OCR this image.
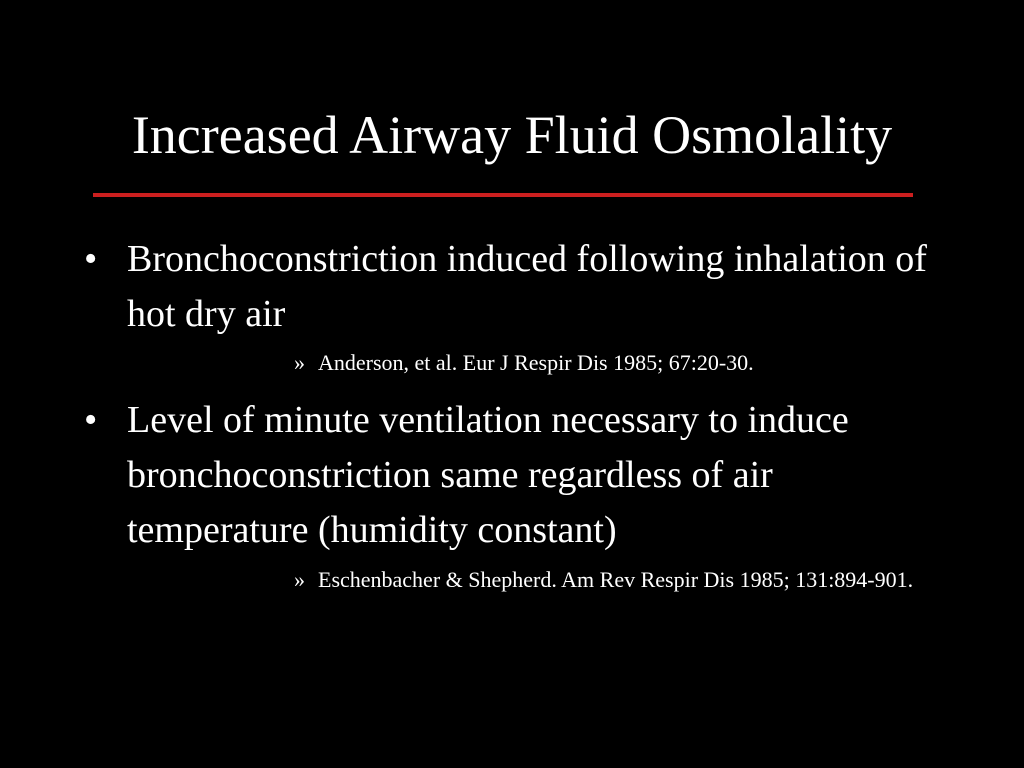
Increased Airway Fluid Osmolality
• Bronchoconstriction induced following inhalation of hot dry air
» Anderson, et al. Eur J Respir Dis 1985; 67:20-30.
• Level of minute ventilation necessary to induce bronchoconstriction same regardless of air temperature (humidity constant)
» Eschenbacher & Shepherd. Am Rev Respir Dis 1985; 131:894-901.
